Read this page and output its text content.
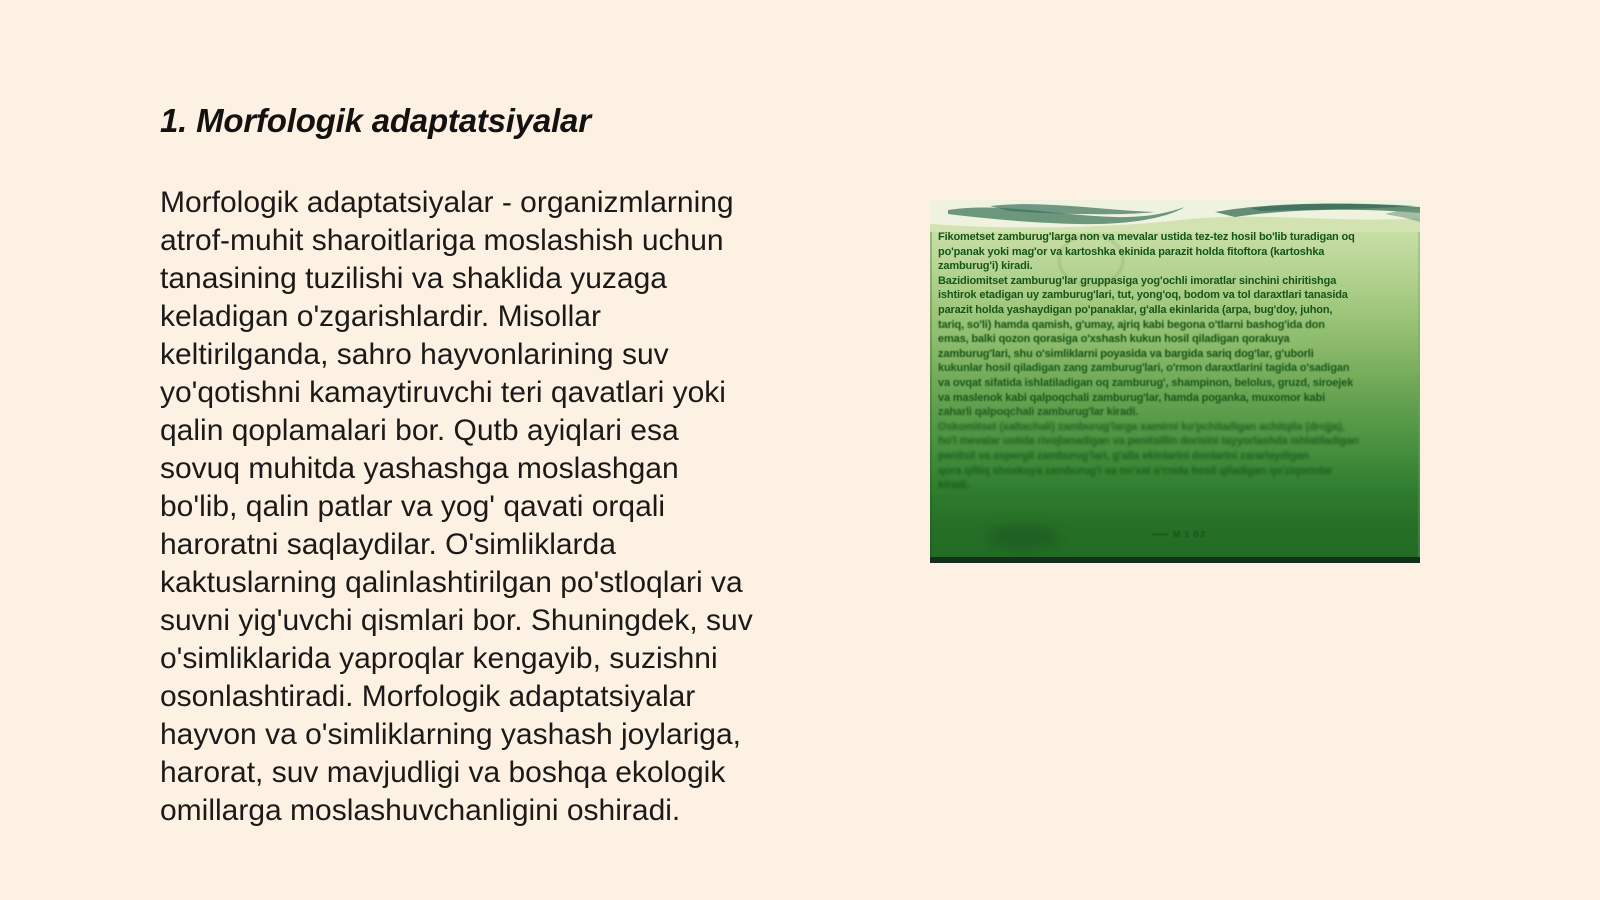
1. Morfologik adaptatsiyalar
Morfologik adaptatsiyalar - organizmlarning
atrof-muhit sharoitlariga moslashish uchun
tanasining tuzilishi va shaklida yuzaga
keladigan o'zgarishlardir. Misollar
keltirilganda, sahro hayvonlarining suv
yo'qotishni kamaytiruvchi teri qavatlari yoki
qalin qoplamalari bor. Qutb ayiqlari esa
sovuq muhitda yashashga moslashgan
bo'lib, qalin patlar va yog' qavati orqali
haroratni saqlaydilar. O'simliklarda
kaktuslarning qalinlashtirilgan po'stloqlari va
suvni yig'uvchi qismlari bor. Shuningdek, suv
o'simliklarida yaproqlar kengayib, suzishni
osonlashtiradi. Morfologik adaptatsiyalar
hayvon va o'simliklarning yashash joylariga,
harorat, suv mavjudligi va boshqa ekologik
omillarga moslashuvchanligini oshiradi.
Fikometset zamburug'larga non va mevalar ustida tez-tez hosil bo'lib turadigan oq
po'panak yoki mag'or va kartoshka ekinida parazit holda fitoftora (kartoshka
zamburug'i) kiradi.
Bazidiomitset zamburug'lar gruppasiga yog'ochli imoratlar sinchini chiritishga
ishtirok etadigan uy zamburug'lari, tut, yong'oq, bodom va tol daraxtlari tanasida
parazit holda yashaydigan po'panaklar, g'alla ekinlarida (arpa, bug'doy, juhon,
tariq, so'li) hamda qamish, g'umay, ajriq kabi begona o'tlarni bashog'ida don
emas, balki qozon qorasiga o'xshash kukun hosil qiladigan qorakuya
zamburug'lari, shu o'simliklarni poyasida va bargida sariq dog'lar, g'uborli
kukunlar hosil qiladigan zang zamburug'lari, o'rmon daraxtlarini tagida o'sadigan
va ovqat sifatida ishlatiladigan oq zamburug', shampinon, belolus, gruzd, siroejek
va maslenok kabi qalpoqchali zamburug'lar, hamda poganka, muxomor kabi
zaharli qalpoqchali zamburug'lar kiradi.
Oskomitset (xaltachali) zamburug'larga xamirni ko'pchitadigan achitqila (drojja),
ho'l mevalar ustida rivojlanadigan va penitsillin dorisini tayyorlashda ishlatiladigan
penitsil va aspergil zamburug'lari, g'alla ekinlarini donlarini zararlaydigan
qora qiltiq shoxkuya zamburug'i va no'xat o'rnida hosil qiladigan qo'ziqorinlar
kiradi.
M 1 B2
